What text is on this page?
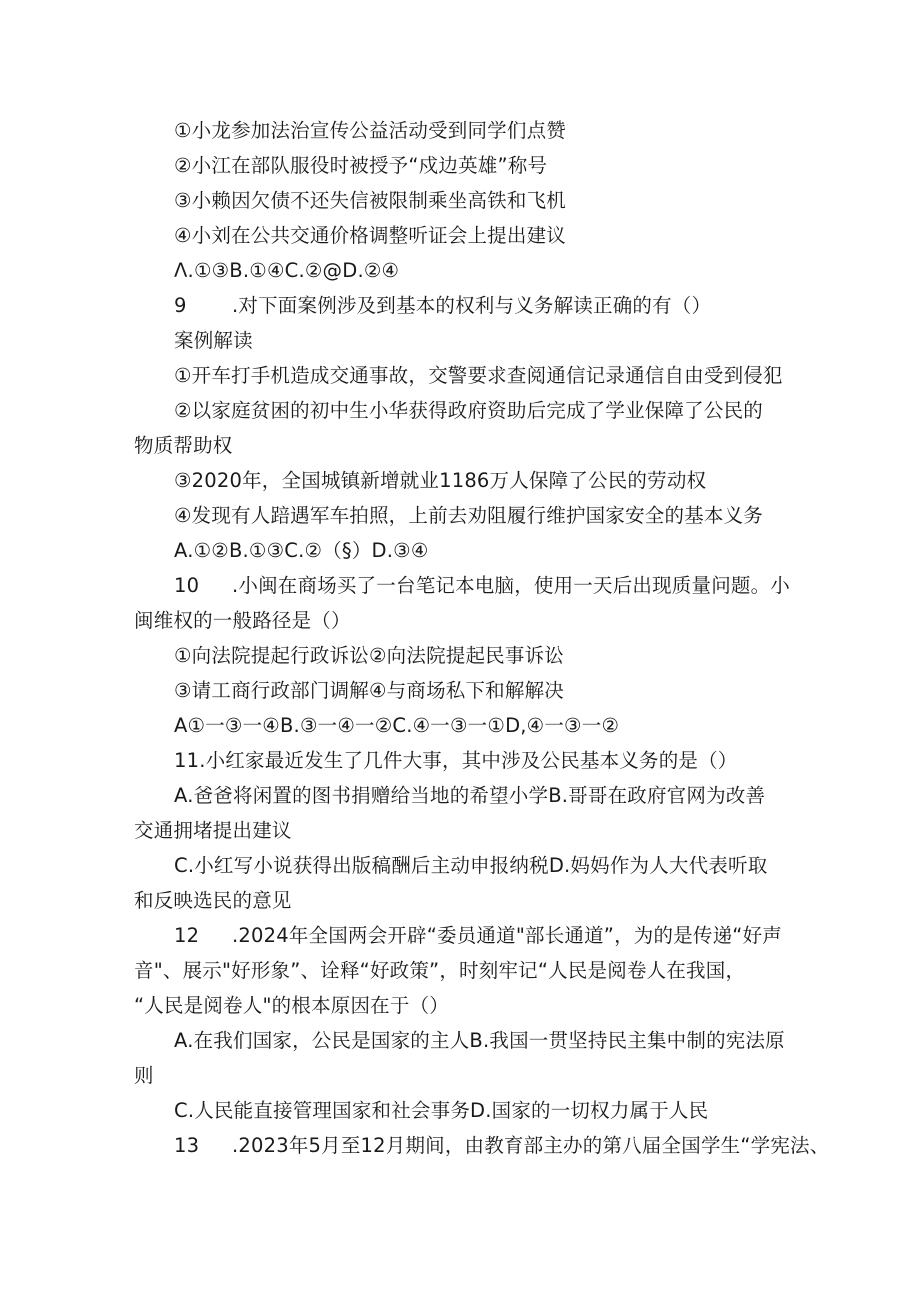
①小龙参加法治宣传公益活动受到同学们点赞
②小江在部队服役时被授予“戍边英雄”称号
③小赖因欠债不还失信被限制乘坐高铁和飞机
④小刘在公共交通价格调整听证会上提出建议
Λ.①③B.①④C.②@D.②④
9 .对下面案例涉及到基本的权利与义务解读正确的有（）
案例解读
①开车打手机造成交通事故，交警要求查阅通信记录通信自由受到侵犯
②以家庭贫困的初中生小华获得政府资助后完成了学业保障了公民的
物质帮助权
③2020年，全国城镇新增就业1186万人保障了公民的劳动权
④发现有人踣遇军车拍照，上前去劝阻履行维护国家安全的基本义务
A.①②B.①③C.②（§）D.③④
10 .小闽在商场买了一台笔记本电脑，使用一天后出现质量问题。小
闽维权的一般路径是（）
①向法院提起行政诉讼②向法院提起民事诉讼
③请工商行政部门调解④与商场私下和解解决
A①一③一④B.③一④一②C.④一③一①D,④一③一②
11.小红家最近发生了几件大事，其中涉及公民基本义务的是（）
A.爸爸将闲置的图书捐赠给当地的希望小学B.哥哥在政府官网为改善
交通拥堵提出建议
C.小红写小说获得出版稿酬后主动申报纳税D.妈妈作为人大代表听取
和反映选民的意见
12 .2024年全国两会开辟“委员通道"部长通道”，为的是传递“好声
音"、展示"好形象”、诠释“好政策”，时刻牢记“人民是阅卷人在我国，
“人民是阅卷人"的根本原因在于（）
A.在我们国家，公民是国家的主人B.我国一贯坚持民主集中制的宪法原
则
C.人民能直接管理国家和社会事务D.国家的一切权力属于人民
13 .2023年5月至12月期间，由教育部主办的第八届全国学生“学宪法、
